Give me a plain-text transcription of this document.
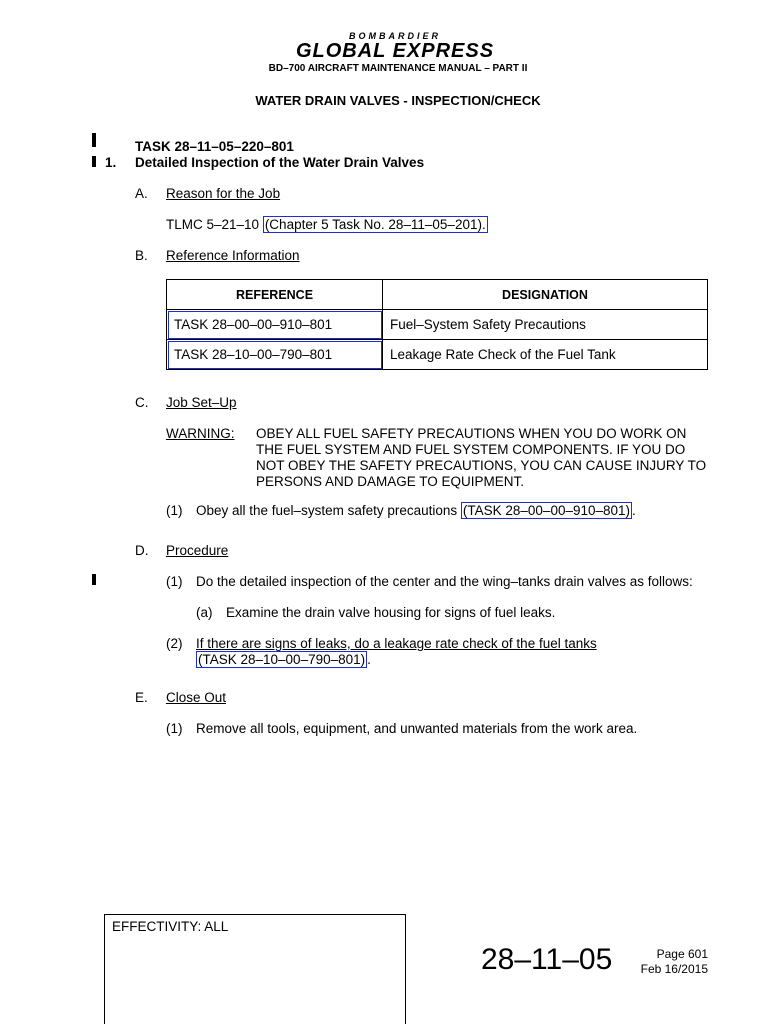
BOMBARDIER
GLOBAL EXPRESS
BD–700 AIRCRAFT MAINTENANCE MANUAL – PART II
WATER DRAIN VALVES - INSPECTION/CHECK
TASK 28–11–05–220–801
1. Detailed Inspection of the Water Drain Valves
A. Reason for the Job
TLMC 5–21–10 (Chapter 5 Task No. 28–11–05–201).
B. Reference Information
REFERENCE	DESIGNATION
TASK 28–00–00–910–801	Fuel–System Safety Precautions
TASK 28–10–00–790–801	Leakage Rate Check of the Fuel Tank
C. Job Set–Up
WARNING: OBEY ALL FUEL SAFETY PRECAUTIONS WHEN YOU DO WORK ON THE FUEL SYSTEM AND FUEL SYSTEM COMPONENTS. IF YOU DO NOT OBEY THE SAFETY PRECAUTIONS, YOU CAN CAUSE INJURY TO PERSONS AND DAMAGE TO EQUIPMENT.
(1) Obey all the fuel–system safety precautions (TASK 28–00–00–910–801) .
D. Procedure
(1) Do the detailed inspection of the center and the wing–tanks drain valves as follows:
(a) Examine the drain valve housing for signs of fuel leaks.
(2) If there are signs of leaks, do a leakage rate check of the fuel tanks
(TASK 28–10–00–790–801) .
E. Close Out
(1) Remove all tools, equipment, and unwanted materials from the work area.
EFFECTIVITY: ALL
28–11–05	Page 601
Feb 16/2015
